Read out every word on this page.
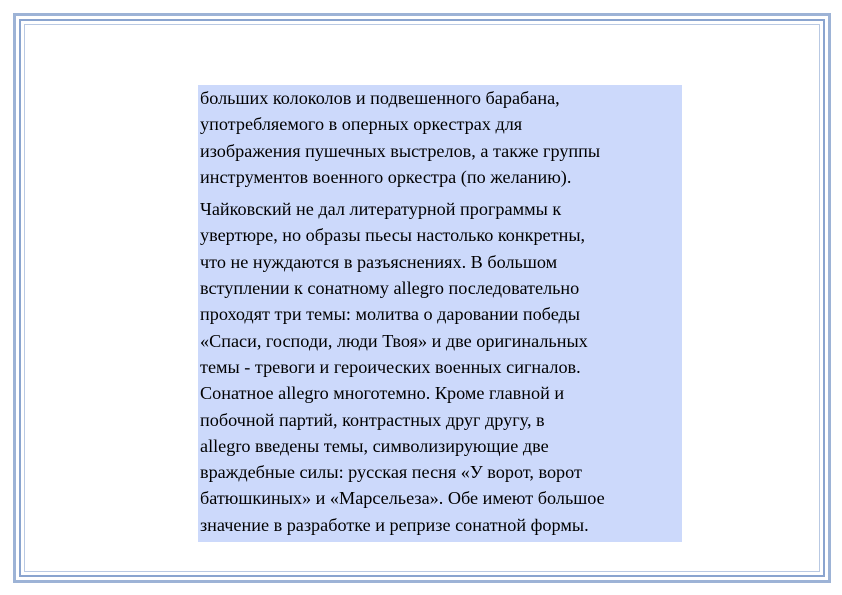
больших колоколов и подвешенного барабана,
употребляемого в оперных оркестрах для
изображения пушечных выстрелов, а также группы
инструментов военного оркестра (по желанию).

Чайковский не дал литературной программы к
увертюре, но образы пьесы настолько конкретны,
что не нуждаются в разъяснениях. В большом
вступлении к сонатному allegro последовательно
проходят три темы: молитва о даровании победы
«Спаси, господи, люди Твоя» и две оригинальных
темы - тревоги и героических военных сигналов.
Сонатное allegro многотемно. Кроме главной и
побочной партий, контрастных друг другу, в
allegro введены темы, символизирующие две
враждебные силы: русская песня «У ворот, ворот
батюшкиных» и «Марсельеза». Обе имеют большое
значение в разработке и репризе сонатной формы.
